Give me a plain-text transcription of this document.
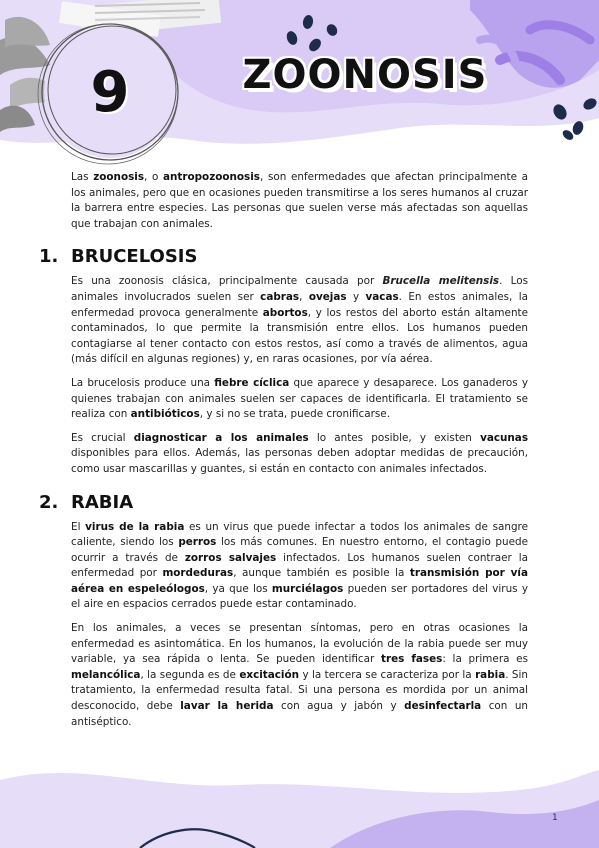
9	ZOONOSIS

Las zoonosis, o antropozoonosis, son enfermedades que afectan principalmente a los animales, pero que en ocasiones pueden transmitirse a los seres humanos al cruzar la barrera entre especies. Las personas que suelen verse más afectadas son aquellas que trabajan con animales.

1. BRUCELOSIS

Es una zoonosis clásica, principalmente causada por Brucella melitensis. Los animales involucrados suelen ser cabras, ovejas y vacas. En estos animales, la enfermedad provoca generalmente abortos, y los restos del aborto están altamente contaminados, lo que permite la transmisión entre ellos. Los humanos pueden contagiarse al tener contacto con estos restos, así como a través de alimentos, agua (más difícil en algunas regiones) y, en raras ocasiones, por vía aérea.

La brucelosis produce una fiebre cíclica que aparece y desaparece. Los ganaderos y quienes trabajan con animales suelen ser capaces de identificarla. El tratamiento se realiza con antibióticos, y si no se trata, puede cronificarse.

Es crucial diagnosticar a los animales lo antes posible, y existen vacunas disponibles para ellos. Además, las personas deben adoptar medidas de precaución, como usar mascarillas y guantes, si están en contacto con animales infectados.

2. RABIA

El virus de la rabia es un virus que puede infectar a todos los animales de sangre caliente, siendo los perros los más comunes. En nuestro entorno, el contagio puede ocurrir a través de zorros salvajes infectados. Los humanos suelen contraer la enfermedad por mordeduras, aunque también es posible la transmisión por vía aérea en espeleólogos, ya que los murciélagos pueden ser portadores del virus y el aire en espacios cerrados puede estar contaminado.

En los animales, a veces se presentan síntomas, pero en otras ocasiones la enfermedad es asintomática. En los humanos, la evolución de la rabia puede ser muy variable, ya sea rápida o lenta. Se pueden identificar tres fases: la primera es melancólica, la segunda es de excitación y la tercera se caracteriza por la rabia. Sin tratamiento, la enfermedad resulta fatal. Si una persona es mordida por un animal desconocido, debe lavar la herida con agua y jabón y desinfectarla con un antiséptico.

1
